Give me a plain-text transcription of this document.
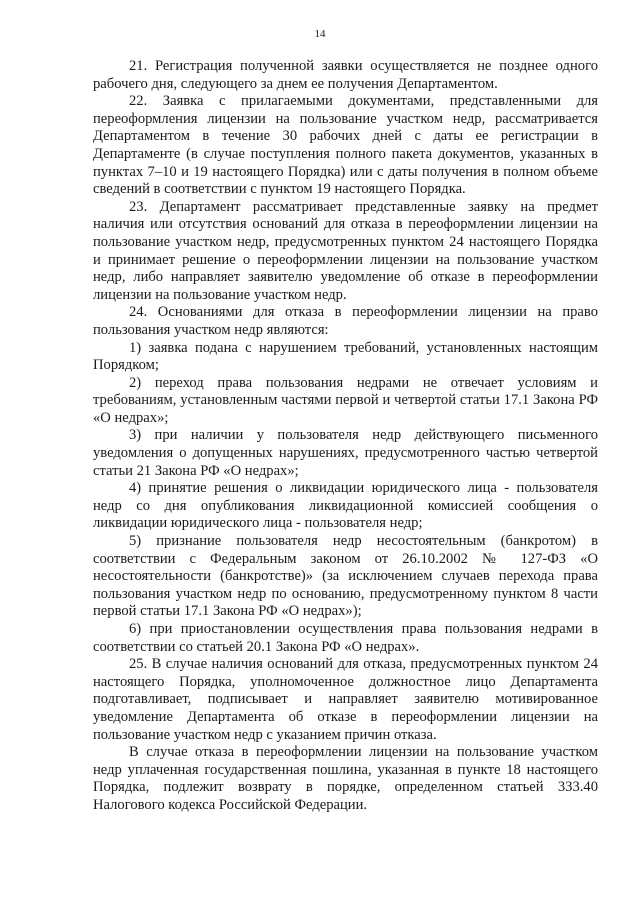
14

21. Регистрация полученной заявки осуществляется не позднее одного рабочего дня, следующего за днем ее получения Департаментом.

22. Заявка с прилагаемыми документами, представленными для переоформления лицензии на пользование участком недр, рассматривается Департаментом в течение 30 рабочих дней с даты ее регистрации в Департаменте (в случае поступления полного пакета документов, указанных в пунктах 7–10 и 19 настоящего Порядка) или с даты получения в полном объеме сведений в соответствии с пунктом 19 настоящего Порядка.

23. Департамент рассматривает представленные заявку на предмет наличия или отсутствия оснований для отказа в переоформлении лицензии на пользование участком недр, предусмотренных пунктом 24 настоящего Порядка и принимает решение о переоформлении лицензии на пользование участком недр, либо направляет заявителю уведомление об отказе в переоформлении лицензии на пользование участком недр.

24. Основаниями для отказа в переоформлении лицензии на право пользования участком недр являются:

1) заявка подана с нарушением требований, установленных настоящим Порядком;

2) переход права пользования недрами не отвечает условиям и требованиям, установленным частями первой и четвертой статьи 17.1 Закона РФ «О недрах»;

3) при наличии у пользователя недр действующего письменного уведомления о допущенных нарушениях, предусмотренного частью четвертой статьи 21 Закона РФ «О недрах»;

4) принятие решения о ликвидации юридического лица - пользователя недр со дня опубликования ликвидационной комиссией сообщения о ликвидации юридического лица - пользователя недр;

5) признание пользователя недр несостоятельным (банкротом) в соответствии с Федеральным законом от 26.10.2002 № 127-ФЗ «О несостоятельности (банкротстве)» (за исключением случаев перехода права пользования участком недр по основанию, предусмотренному пунктом 8 части первой статьи 17.1 Закона РФ «О недрах»);

6) при приостановлении осуществления права пользования недрами в соответствии со статьей 20.1 Закона РФ «О недрах».

25. В случае наличия оснований для отказа, предусмотренных пунктом 24 настоящего Порядка, уполномоченное должностное лицо Департамента подготавливает, подписывает и направляет заявителю мотивированное уведомление Департамента об отказе в переоформлении лицензии на пользование участком недр с указанием причин отказа.

В случае отказа в переоформлении лицензии на пользование участком недр уплаченная государственная пошлина, указанная в пункте 18 настоящего Порядка, подлежит возврату в порядке, определенном статьей 333.40 Налогового кодекса Российской Федерации.
